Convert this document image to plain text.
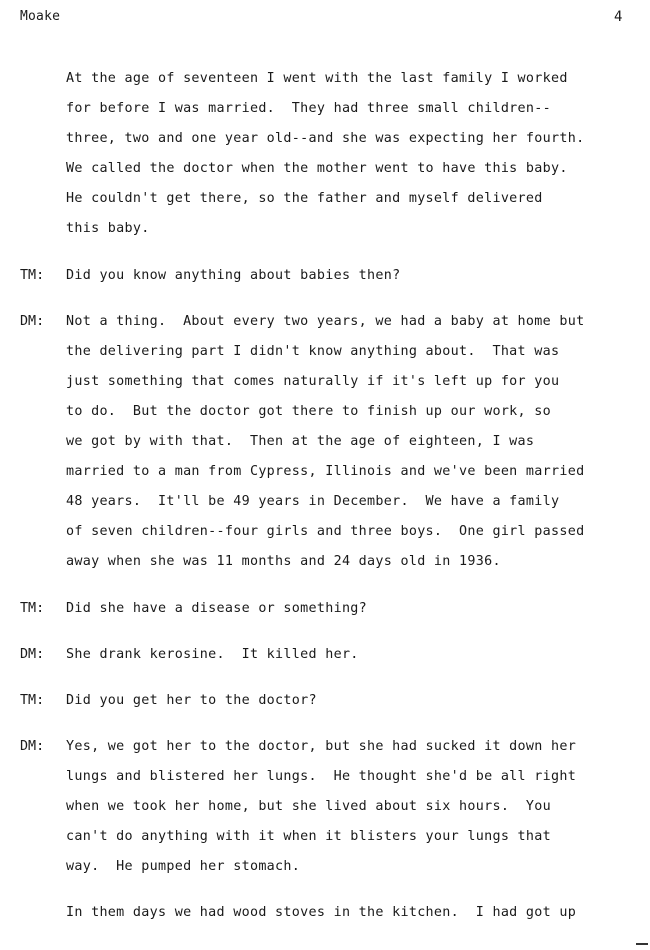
Moake	4
At the age of seventeen I went with the last family I worked
for before I was married.  They had three small children--
three, two and one year old--and she was expecting her fourth.
We called the doctor when the mother went to have this baby.
He couldn't get there, so the father and myself delivered
this baby.
TM: Did you know anything about babies then?
DM: Not a thing.  About every two years, we had a baby at home but
the delivering part I didn't know anything about.  That was
just something that comes naturally if it's left up for you
to do.  But the doctor got there to finish up our work, so
we got by with that.  Then at the age of eighteen, I was
married to a man from Cypress, Illinois and we've been married
48 years.  It'll be 49 years in December.  We have a family
of seven children--four girls and three boys.  One girl passed
away when she was 11 months and 24 days old in 1936.
TM: Did she have a disease or something?
DM: She drank kerosine.  It killed her.
TM: Did you get her to the doctor?
DM: Yes, we got her to the doctor, but she had sucked it down her
lungs and blistered her lungs.  He thought she'd be all right
when we took her home, but she lived about six hours.  You
can't do anything with it when it blisters your lungs that
way.  He pumped her stomach.
In them days we had wood stoves in the kitchen.  I had got up
